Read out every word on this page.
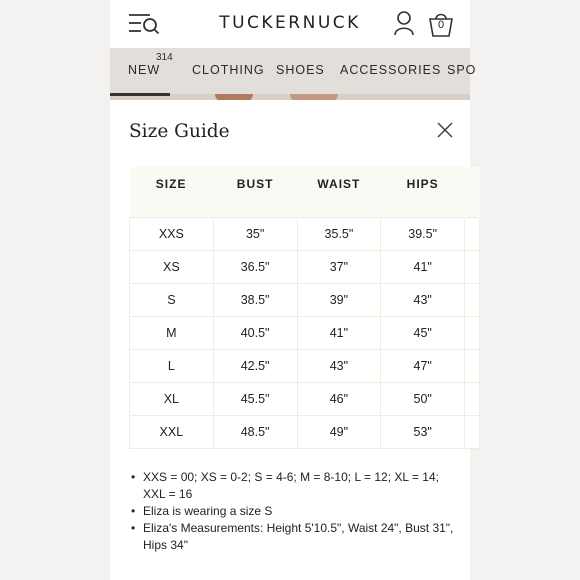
TUCKERNUCK	0
NEW
314
CLOTHING SHOES ACCESSORIES SPO
Size Guide
SIZE	BUST	WAIST	HIPS	
XXS	35"	35.5"	39.5"	
XS	36.5"	37"	41"	
S	38.5"	39"	43"	
M	40.5"	41"	45"	
L	42.5"	43"	47"	
XL	45.5"	46"	50"	
XXL	48.5"	49"	53"	
• XXS = 00; XS = 0-2; S = 4-6; M = 8-10; L = 12; XL = 14; XXL = 16
• Eliza is wearing a size S
• Eliza's Measurements: Height 5'10.5", Waist 24", Bust 31", Hips 34"
